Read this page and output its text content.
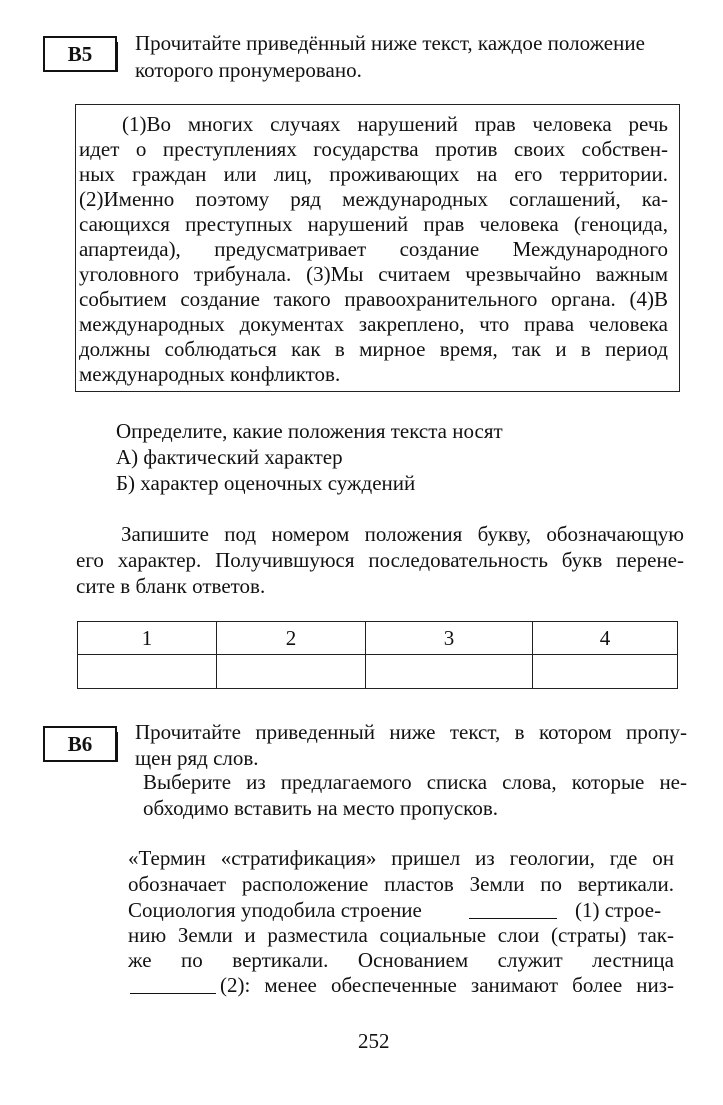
B5	Прочитайте приведённый ниже текст, каждое положение
которого пронумеровано.
(1)Во многих случаях нарушений прав человека речь
идет о преступлениях государства против своих собствен-
ных граждан или лиц, проживающих на его территории.
(2)Именно поэтому ряд международных соглашений, ка-
сающихся преступных нарушений прав человека (геноцида,
апартеида), предусматривает создание Международного
уголовного трибунала. (3)Мы считаем чрезвычайно важным
событием создание такого правоохранительного органа. (4)В
международных документах закреплено, что права человека
должны соблюдаться как в мирное время, так и в период
международных конфликтов.
Определите, какие положения текста носят
А) фактический характер
Б) характер оценочных суждений
Запишите под номером положения букву, обозначающую
его характер. Получившуюся последовательность букв перене-
сите в бланк ответов.
1	2	3	4

B6	Прочитайте приведенный ниже текст, в котором пропу-
щен ряд слов.
Выберите из предлагаемого списка слова, которые не-
обходимо вставить на место пропусков.
«Термин «стратификация» пришел из геологии, где он
обозначает расположение пластов Земли по вертикали.
Социология уподобила строение	(1) строе-
нию Земли и разместила социальные слои (страты) так-
же по вертикали. Основанием служит лестница
(2): менее обеспеченные занимают более низ-
252
